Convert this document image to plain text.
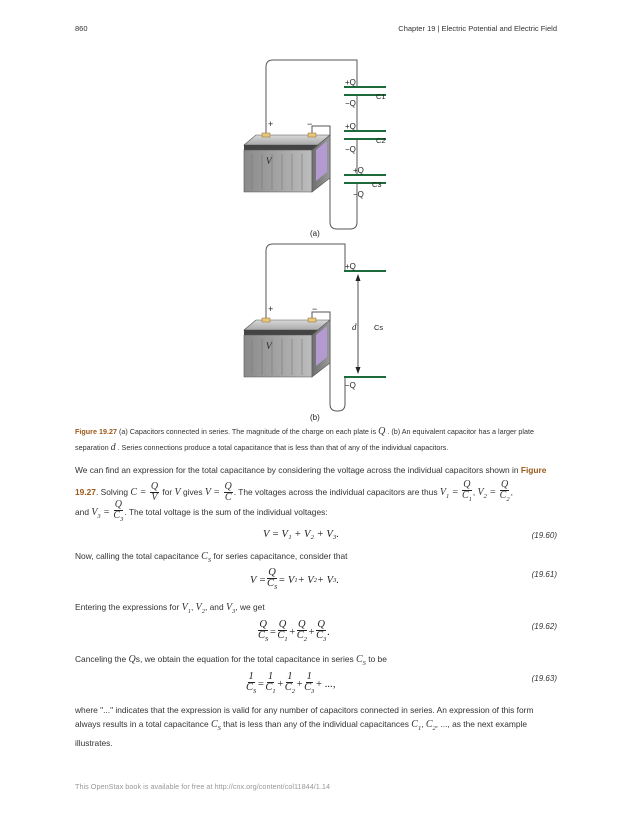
860	Chapter 19 | Electric Potential and Electric Field
+Q
−Q
+Q
−Q
+Q
−Q
C1
C2
C3
+	−
V
(a)
+Q
−Q
d Cs
+	−
V
(b)
Figure 19.27 (a) Capacitors connected in series. The magnitude of the charge on each plate is Q . (b) An equivalent capacitor has a larger plate separation d . Series connections produce a total capacitance that is less than that of any of the individual capacitors.
We can find an expression for the total capacitance by considering the voltage across the individual capacitors shown in Figure 19.27. Solving $C = \frac{Q}{V}$ for V gives $V = \frac{Q}{C}$ . The voltages across the individual capacitors are thus $V_1 = \frac{Q}{C_1}$ , $V_2 = \frac{Q}{C_2}$ ,
and $V_3 = \frac{Q}{C_3}$ . The total voltage is the sum of the individual voltages:
V = V₁ + V₂ + V₃.	(19.60)
Now, calling the total capacitance $C_S$ for series capacitance, consider that
$V = \frac{Q}{C_S} = V$ 1 + V 2 + V 3 .
(19.61)
Entering the expressions for $V_1$, $V_2$, and $V_3$, we get
$\frac{Q}{C_S} = \frac{Q}{C_1} + \frac{Q}{C_2} + \frac{Q}{C_3}$ .
(19.62)
Canceling the Qs, we obtain the equation for the total capacitance in series $C_S$ to be
$\frac{1}{C_S} = \frac{1}{C_1} + \frac{1}{C_2} + \frac{1}{C_3}$ + ...,
(19.63)
where "..." indicates that the expression is valid for any number of capacitors connected in series. An expression of this form always results in a total capacitance $C_S$ that is less than any of the individual capacitances $C_1$, $C_2$, ..., as the next example illustrates.
This OpenStax book is available for free at http://cnx.org/content/col11844/1.14
